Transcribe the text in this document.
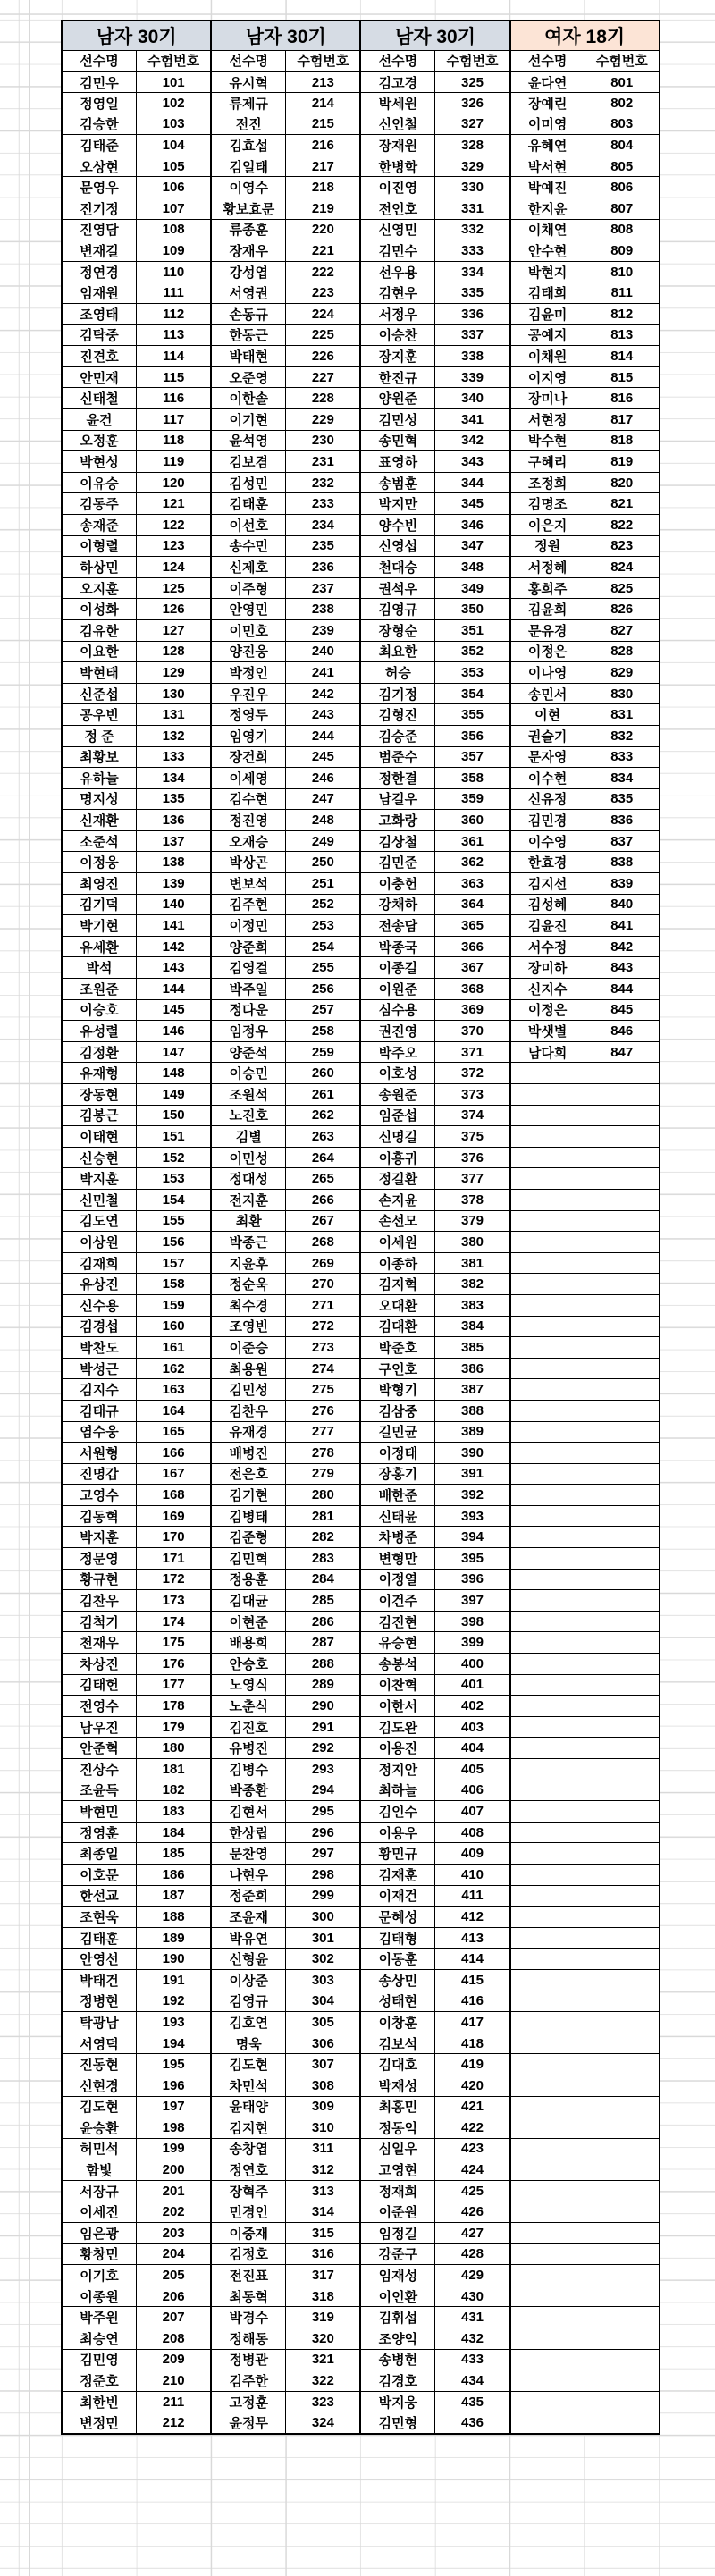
남자 30기		남자 30기		남자 30기		여자 18기	
선수명	수험번호	선수명	수험번호	선수명	수험번호	선수명	수험번호
김민우	101	유시혁	213	김고경	325	윤다연	801
정영일	102	류제규	214	박세원	326	장예린	802
김승한	103	전진	215	신인철	327	이미영	803
김태준	104	김효섭	216	장재원	328	유혜연	804
오상현	105	김일태	217	한병학	329	박서현	805
문영우	106	이영수	218	이진영	330	박예진	806
진기정	107	황보효문	219	전인호	331	한지윤	807
진영담	108	류종훈	220	신영민	332	이채연	808
변재길	109	장재우	221	김민수	333	안수현	809
정연경	110	강성엽	222	선우용	334	박현지	810
임재원	111	서영권	223	김현우	335	김태희	811
조영태	112	손동규	224	서정우	336	김윤미	812
김탁중	113	한동근	225	이승찬	337	공예지	813
진견호	114	박태현	226	장지훈	338	이채원	814
안민재	115	오준영	227	한진규	339	이지영	815
신태철	116	이한솔	228	양원준	340	장미나	816
윤건	117	이기현	229	김민성	341	서현정	817
오정훈	118	윤석영	230	송민혁	342	박수현	818
박현성	119	김보겸	231	표영하	343	구혜리	819
이유승	120	김성민	232	송범훈	344	조정희	820
김동주	121	김태훈	233	박지만	345	김명조	821
송재준	122	이선호	234	양수빈	346	이은지	822
이형렬	123	송수민	235	신영섭	347	정원	823
하상민	124	신제호	236	천대승	348	서정혜	824
오지훈	125	이주형	237	권석우	349	홍희주	825
이성화	126	안영민	238	김영규	350	김윤희	826
김유한	127	이민호	239	장형순	351	문유경	827
이요한	128	양진웅	240	최요한	352	이정은	828
박현태	129	박정인	241	허승	353	이나영	829
신준섭	130	우진우	242	김기정	354	송민서	830
공우빈	131	정영두	243	김형진	355	이현	831
정 준	132	임영기	244	김승준	356	권슬기	832
최황보	133	장건희	245	범준수	357	문자영	833
유하늘	134	이세영	246	정한결	358	이수현	834
명지성	135	김수현	247	남길우	359	신유정	835
신재환	136	정진영	248	고화랑	360	김민경	836
소준석	137	오재승	249	김상철	361	이수영	837
이정웅	138	박상곤	250	김민준	362	한효경	838
최영진	139	변보석	251	이충헌	363	김지선	839
김기덕	140	김주현	252	강채하	364	김성혜	840
박기현	141	이정민	253	전송담	365	김윤진	841
유세환	142	양준희	254	박종국	366	서수정	842
박석	143	김영걸	255	이종길	367	장미하	843
조원준	144	박주일	256	이원준	368	신지수	844
이승호	145	정다운	257	심수용	369	이정은	845
유성렬	146	임정우	258	권진영	370	박샛별	846
김정환	147	양준석	259	박주오	371	남다희	847
유재형	148	이승민	260	이호성	372		
장동현	149	조원석	261	송원준	373		
김봉근	150	노진호	262	임준섭	374		
이태현	151	김별	263	신명길	375		
신승현	152	이민성	264	이흥귀	376		
박지훈	153	정대성	265	정길환	377		
신민철	154	전지훈	266	손지윤	378		
김도연	155	최환	267	손선모	379		
이상원	156	박종근	268	이세원	380		
김재희	157	지윤후	269	이종하	381		
유상진	158	정순욱	270	김지혁	382		
신수용	159	최수경	271	오대환	383		
김경섭	160	조영빈	272	김대환	384		
박찬도	161	이준승	273	박준호	385		
박성근	162	최용원	274	구인호	386		
김지수	163	김민성	275	박형기	387		
김태규	164	김찬우	276	김삼중	388		
염수웅	165	유재경	277	길민균	389		
서원형	166	배병진	278	이정태	390		
진명갑	167	전은호	279	장홍기	391		
고영수	168	김기현	280	배한준	392		
김동혁	169	김병태	281	신태윤	393		
박지훈	170	김준형	282	차병준	394		
정문영	171	김민혁	283	변형만	395		
황규현	172	정용훈	284	이정열	396		
김찬우	173	김대균	285	이건주	397		
김척기	174	이현준	286	김진현	398		
천재우	175	배용희	287	유승현	399		
차상진	176	안승호	288	송봉석	400		
김태헌	177	노영식	289	이찬혁	401		
전영수	178	노춘식	290	이한서	402		
남우진	179	김진호	291	김도완	403		
안준혁	180	유병진	292	이용진	404		
진상수	181	김병수	293	정지안	405		
조윤득	182	박종환	294	최하늘	406		
박현민	183	김현서	295	김인수	407		
정영훈	184	한상립	296	이용우	408		
최종일	185	문찬영	297	황민규	409		
이호문	186	나현우	298	김재훈	410		
한선교	187	정준희	299	이재건	411		
조현욱	188	조윤재	300	문혜성	412		
김태훈	189	박유연	301	김태형	413		
안영선	190	신형윤	302	이동훈	414		
박태건	191	이상준	303	송상민	415		
정병현	192	김영규	304	성태현	416		
탁광남	193	김호연	305	이창훈	417		
서영덕	194	명욱	306	김보석	418		
진동현	195	김도현	307	김대호	419		
신현경	196	차민석	308	박재성	420		
김도현	197	윤태양	309	최홍민	421		
윤승환	198	김지현	310	정동익	422		
허민석	199	송창엽	311	심일우	423		
함빛	200	정연호	312	고영현	424		
서장규	201	장혁주	313	정재희	425		
이세진	202	민경인	314	이준원	426		
임은광	203	이중재	315	임정길	427		
황창민	204	김정호	316	강준구	428		
이기호	205	전진표	317	임재성	429		
이종원	206	최동혁	318	이인환	430		
박주원	207	박경수	319	김휘섭	431		
최승연	208	정해동	320	조양익	432		
김민영	209	정병관	321	송병헌	433		
정준호	210	김주한	322	김경호	434		
최한빈	211	고정훈	323	박지웅	435		
변정민	212	윤정무	324	김민형	436		
